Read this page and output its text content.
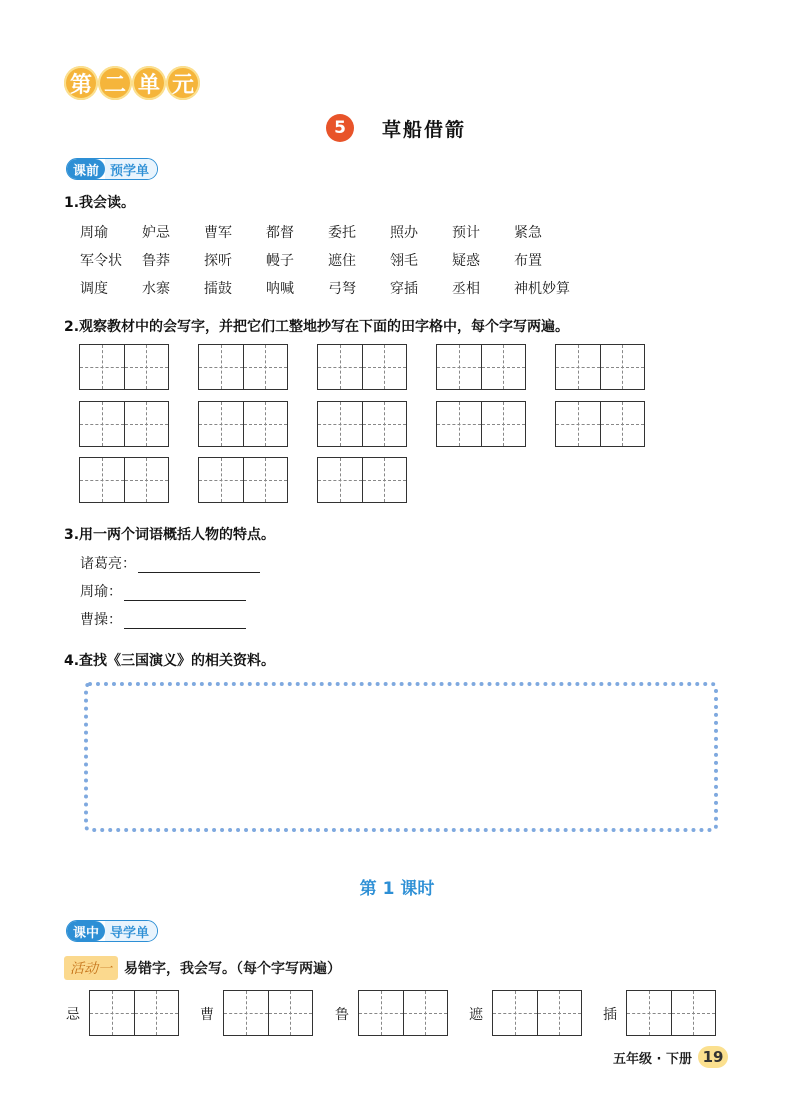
第 二 单 元
5	草船借箭
课前 预学单
1.我会读。
周瑜	妒忌	曹军	都督	委托	照办	预计	紧急
军令状	鲁莽	探听	幔子	遮住	翎毛	疑惑	布置
调度	水寨	擂鼓	呐喊	弓弩	穿插	丞相	神机妙算
2.观察教材中的会写字，并把它们工整地抄写在下面的田字格中，每个字写两遍。
3.用一两个词语概括人物的特点。
诸葛亮：
周瑜：
曹操：
4.查找《三国演义》的相关资料。
第 1 课时
课中 导学单
活动一 易错字，我会写。（每个字写两遍）
忌	曹	鲁	遮	插
五年级 · 下册 19
